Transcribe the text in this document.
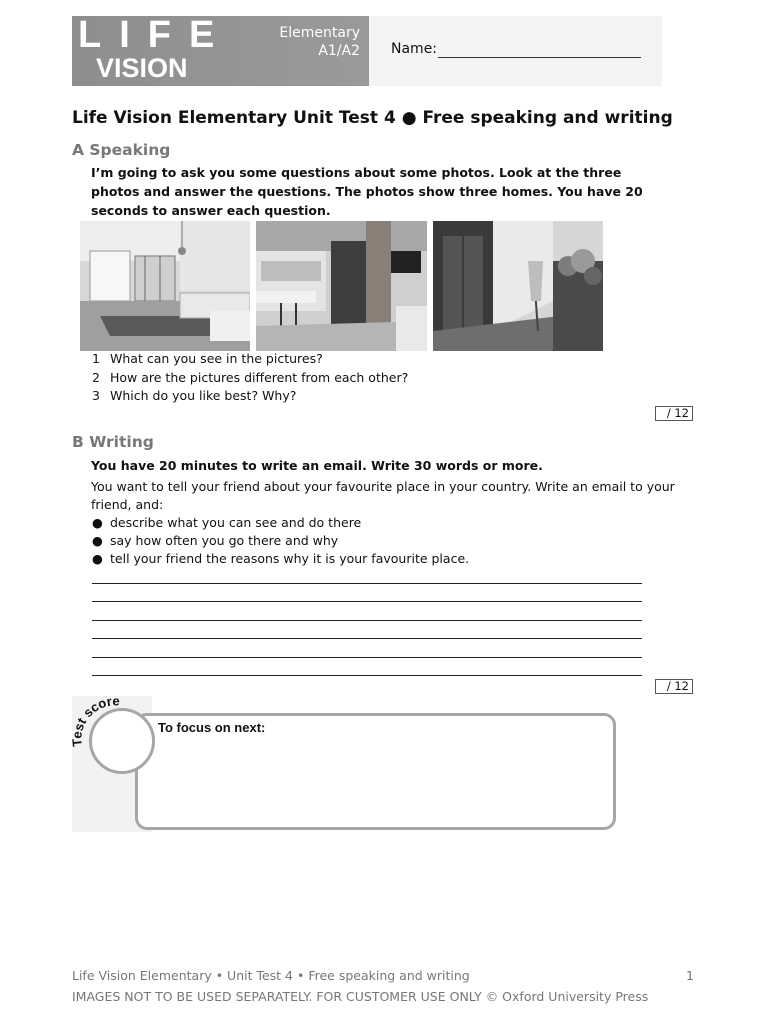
LIFE
VISION
Elementary
A1/A2 Name:
Life Vision Elementary Unit Test 4 ● Free speaking and writing
A Speaking
I’m going to ask you some questions about some photos. Look at the three photos and answer the questions. The photos show three homes. You have 20 seconds to answer each question.
1 What can you see in the pictures?
2 How are the pictures different from each other?
3 Which do you like best? Why?
/ 12
B Writing
You have 20 minutes to write an email. Write 30 words or more.
You want to tell your friend about your favourite place in your country. Write an email to your friend, and:
● describe what you can see and do there
● say how often you go there and why
● tell your friend the reasons why it is your favourite place.
/ 12
To focus on next:
Test score
Life Vision Elementary • Unit Test 4 • Free speaking and writing	1
IMAGES NOT TO BE USED SEPARATELY. FOR CUSTOMER USE ONLY © Oxford University Press
